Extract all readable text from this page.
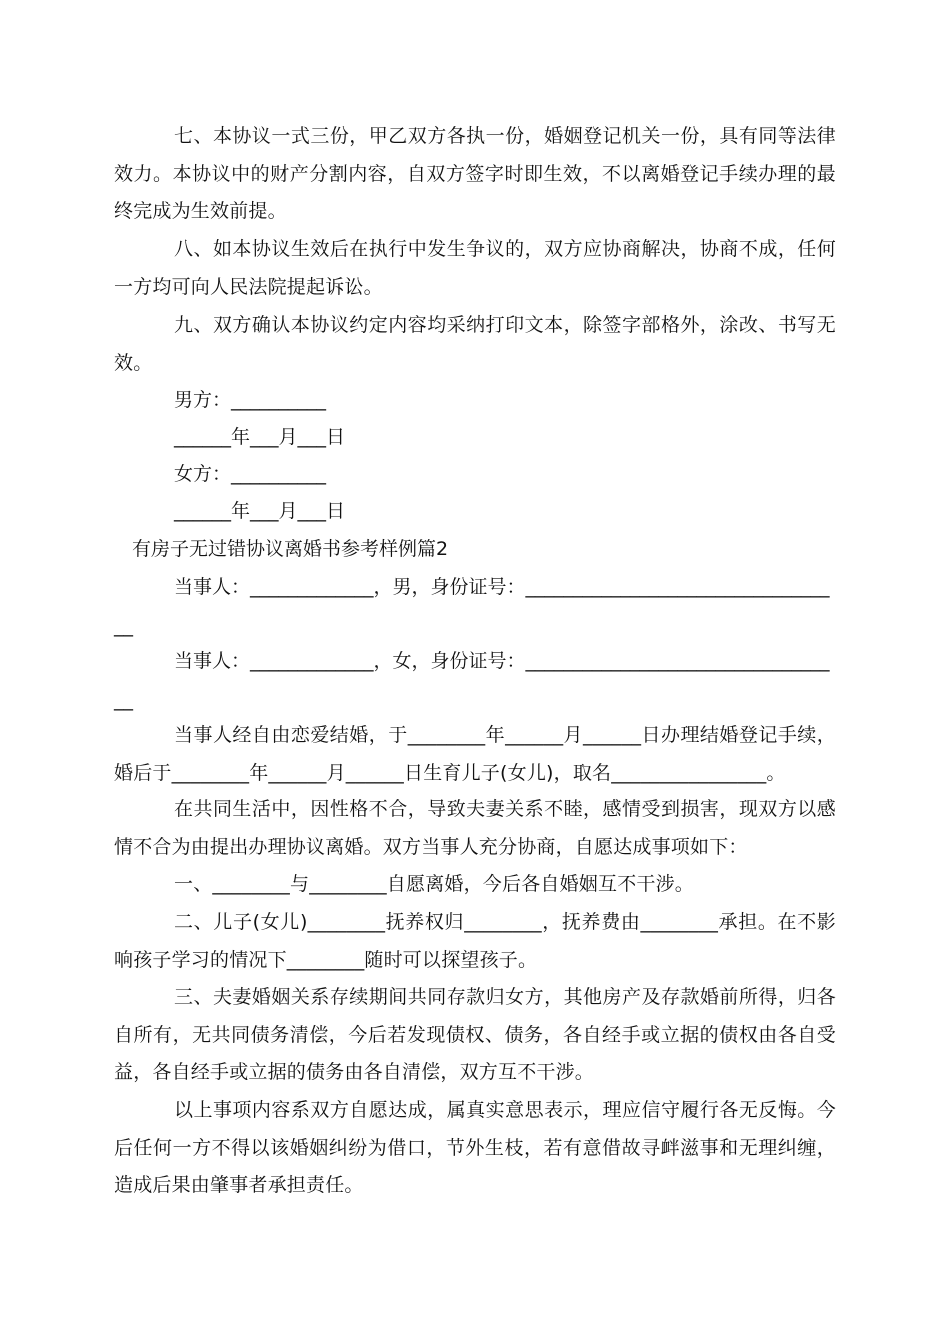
七、本协议一式三份，甲乙双方各执一份，婚姻登记机关一份，具有同等法律效力。本协议中的财产分割内容，自双方签字时即生效，不以离婚登记手续办理的最终完成为生效前提。

八、如本协议生效后在执行中发生争议的，双方应协商解决，协商不成，任何一方均可向人民法院提起诉讼。

九、双方确认本协议约定内容均采纳打印文本，除签字部格外，涂改、书写无效。

男方：__________

______年___月___日

女方：__________

______年___月___日

有房子无过错协议离婚书参考样例篇2

当事人：_____________，男，身份证号：________________________________

__

当事人：_____________，女，身份证号：________________________________

__

当事人经自由恋爱结婚，于________年______月______日办理结婚登记手续，婚后于________年______月______日生育儿子(女儿)，取名________________。

在共同生活中，因性格不合，导致夫妻关系不睦，感情受到损害，现双方以感情不合为由提出办理协议离婚。双方当事人充分协商，自愿达成事项如下：

一、________与________自愿离婚，今后各自婚姻互不干涉。

二、儿子(女儿)________抚养权归________，抚养费由________承担。在不影响孩子学习的情况下________随时可以探望孩子。

三、夫妻婚姻关系存续期间共同存款归女方，其他房产及存款婚前所得，归各自所有，无共同债务清偿，今后若发现债权、债务，各自经手或立据的债权由各自受益，各自经手或立据的债务由各自清偿，双方互不干涉。

以上事项内容系双方自愿达成，属真实意思表示，理应信守履行各无反悔。今后任何一方不得以该婚姻纠纷为借口，节外生枝，若有意借故寻衅滋事和无理纠缠，造成后果由肇事者承担责任。
